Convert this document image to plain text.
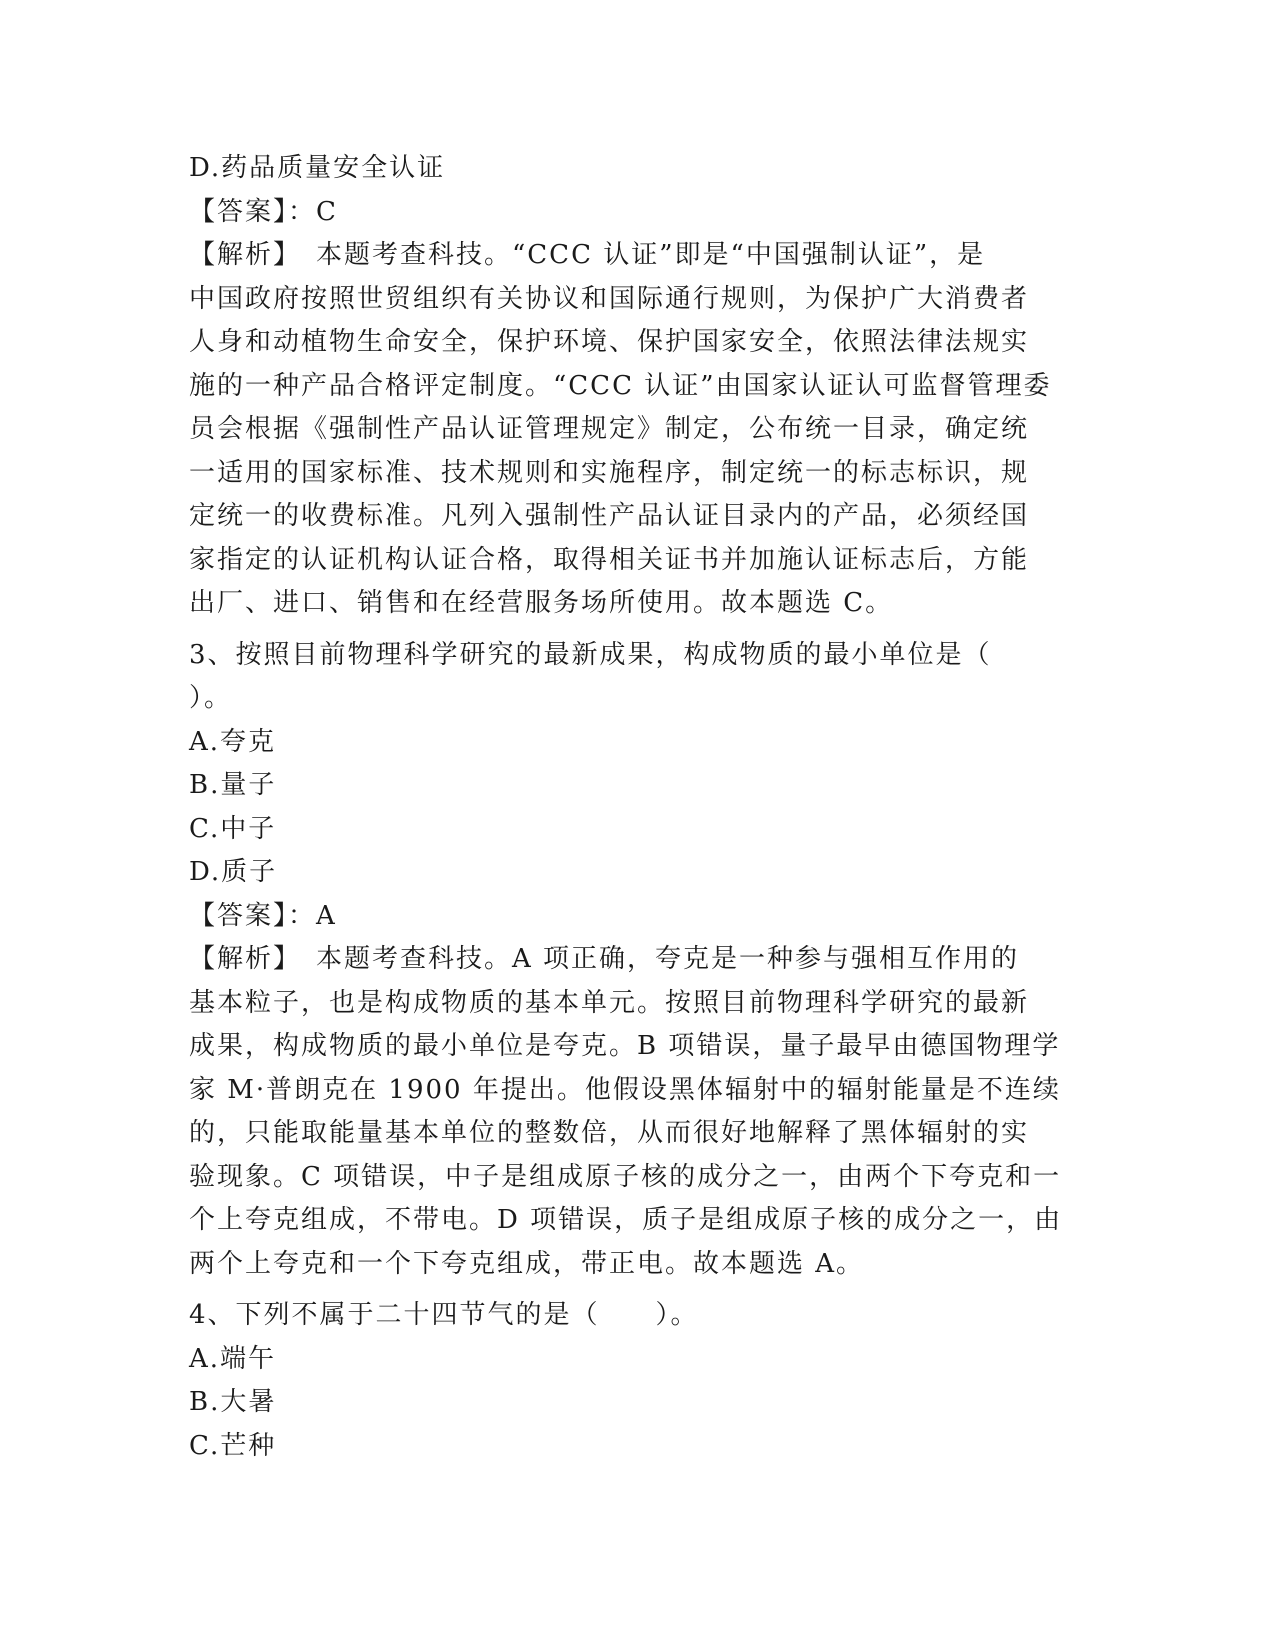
D.药品质量安全认证
【答案】：C
【解析】　本题考查科技。“CCC 认证”即是“中国强制认证”，是
中国政府按照世贸组织有关协议和国际通行规则，为保护广大消费者
人身和动植物生命安全，保护环境、保护国家安全，依照法律法规实
施的一种产品合格评定制度。“CCC 认证”由国家认证认可监督管理委
员会根据《强制性产品认证管理规定》制定，公布统一目录，确定统
一适用的国家标准、技术规则和实施程序，制定统一的标志标识，规
定统一的收费标准。凡列入强制性产品认证目录内的产品，必须经国
家指定的认证机构认证合格，取得相关证书并加施认证标志后，方能
出厂、进口、销售和在经营服务场所使用。故本题选 C。
3、按照目前物理科学研究的最新成果，构成物质的最小单位是（
）。
A.夸克
B.量子
C.中子
D.质子
【答案】：A
【解析】　本题考查科技。A 项正确，夸克是一种参与强相互作用的
基本粒子，也是构成物质的基本单元。按照目前物理科学研究的最新
成果，构成物质的最小单位是夸克。B 项错误，量子最早由德国物理学
家 M·普朗克在 1900 年提出。他假设黑体辐射中的辐射能量是不连续
的，只能取能量基本单位的整数倍，从而很好地解释了黑体辐射的实
验现象。C 项错误，中子是组成原子核的成分之一，由两个下夸克和一
个上夸克组成，不带电。D 项错误，质子是组成原子核的成分之一，由
两个上夸克和一个下夸克组成，带正电。故本题选 A。
4、下列不属于二十四节气的是（　　）。
A.端午
B.大暑
C.芒种
